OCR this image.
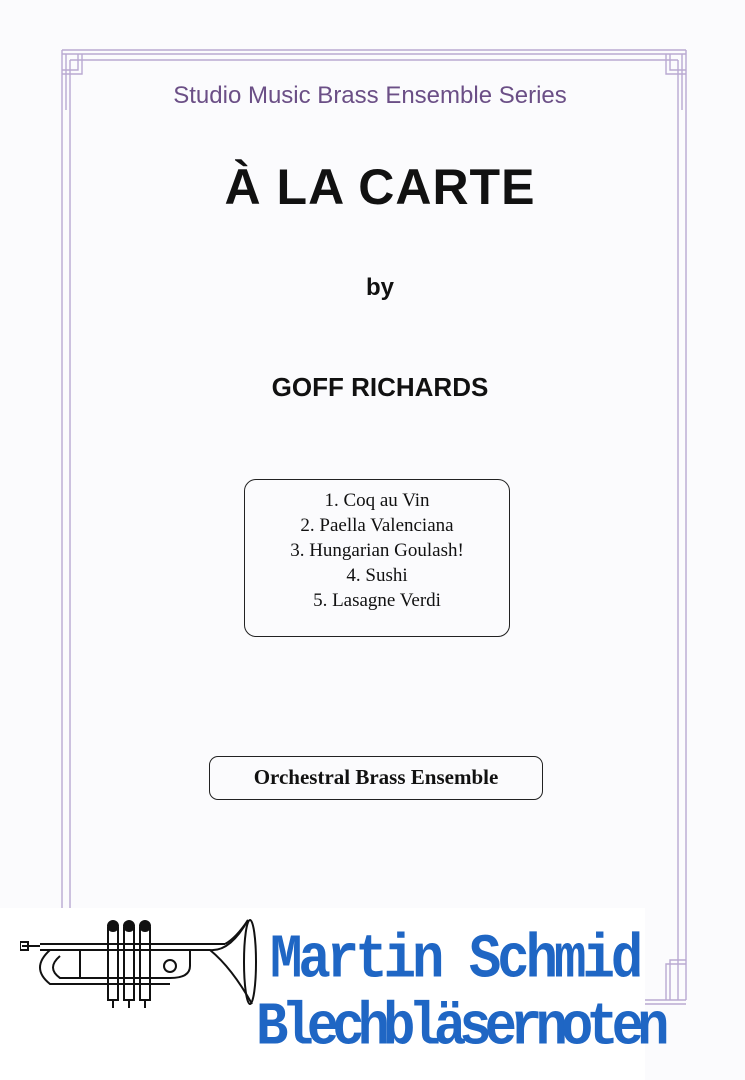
Studio Music Brass Ensemble Series
À LA CARTE
by
GOFF RICHARDS
1. Coq au Vin
2. Paella Valenciana
3. Hungarian Goulash!
4. Sushi
5. Lasagne Verdi
Orchestral Brass Ensemble
Martin Schmid
Blechbläsernoten
